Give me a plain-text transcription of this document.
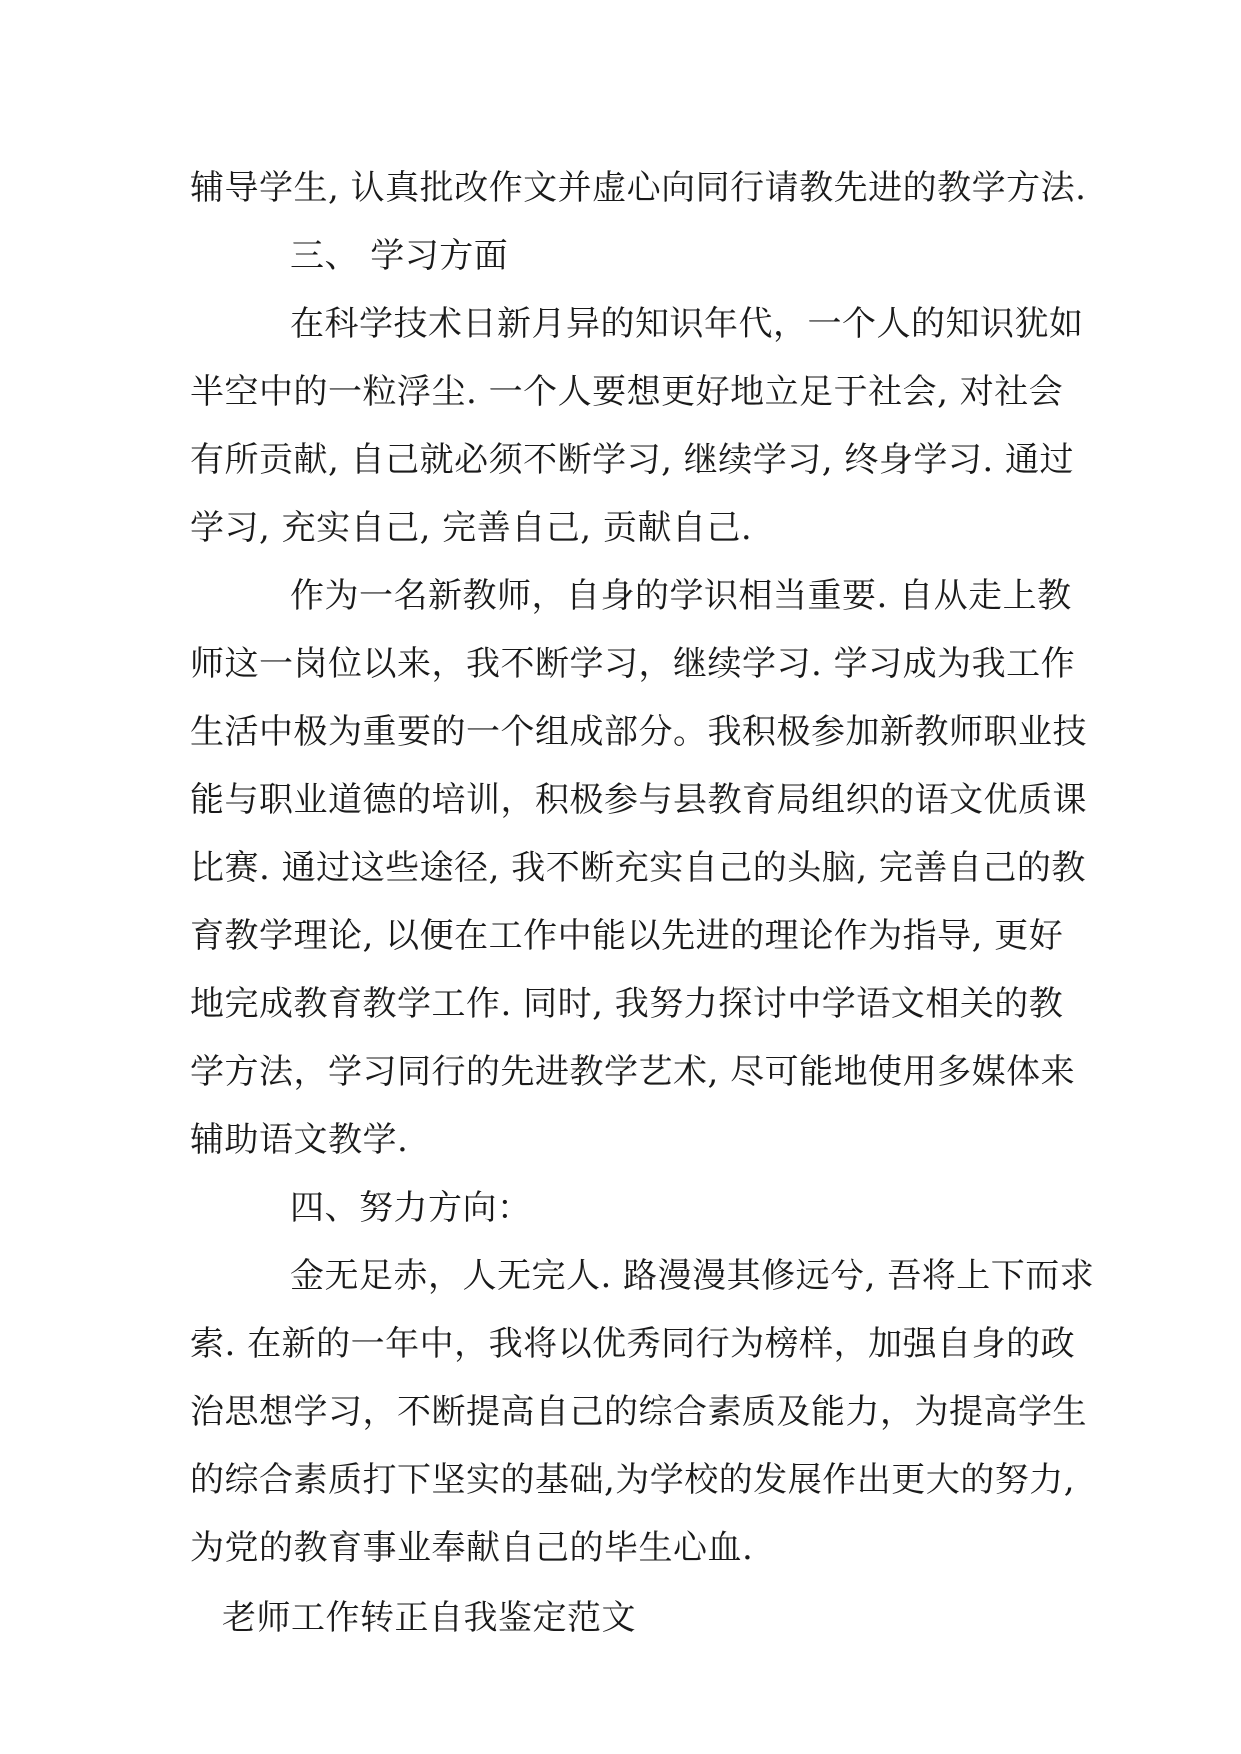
辅导学生, 认真批改作文并虚心向同行请教先进的教学方法.
三、 学习方面
在科学技术日新月异的知识年代，一个人的知识犹如
半空中的一粒浮尘. 一个人要想更好地立足于社会, 对社会
有所贡献, 自己就必须不断学习, 继续学习, 终身学习. 通过
学习, 充实自己, 完善自己, 贡献自己.
作为一名新教师，自身的学识相当重要. 自从走上教
师这一岗位以来，我不断学习，继续学习. 学习成为我工作
生活中极为重要的一个组成部分。我积极参加新教师职业技
能与职业道德的培训，积极参与县教育局组织的语文优质课
比赛. 通过这些途径, 我不断充实自己的头脑, 完善自己的教
育教学理论, 以便在工作中能以先进的理论作为指导, 更好
地完成教育教学工作. 同时, 我努力探讨中学语文相关的教
学方法，学习同行的先进教学艺术, 尽可能地使用多媒体来
辅助语文教学.
四、努力方向：
金无足赤，人无完人. 路漫漫其修远兮, 吾将上下而求
索. 在新的一年中，我将以优秀同行为榜样，加强自身的政
治思想学习，不断提高自己的综合素质及能力，为提高学生
的综合素质打下坚实的基础,为学校的发展作出更大的努力,
为党的教育事业奉献自己的毕生心血.
老师工作转正自我鉴定范文
